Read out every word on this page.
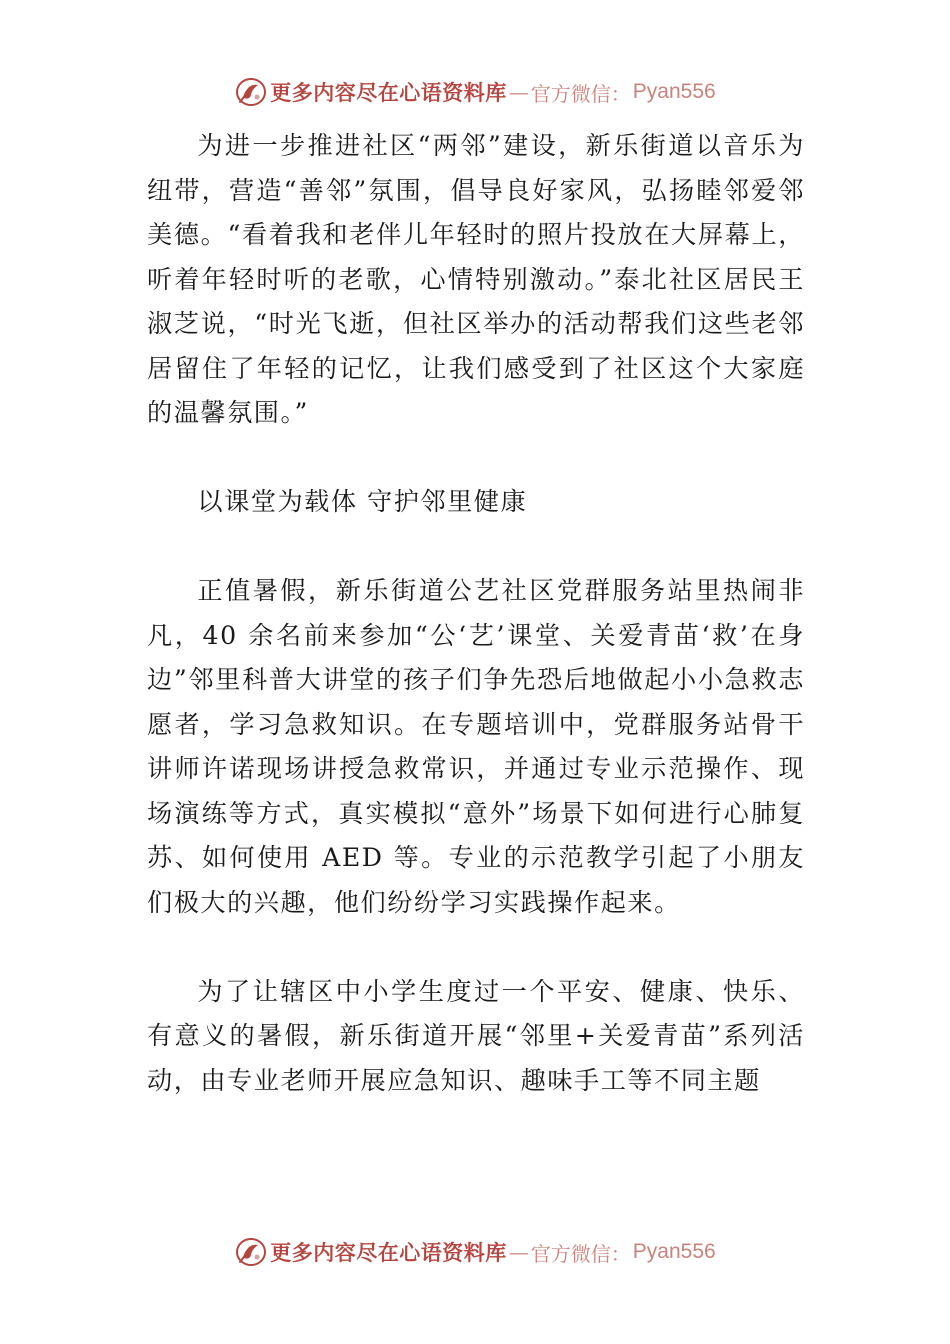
更多内容尽在心语资料库 — 官方微信： Pyan556

为进一步推进社区“两邻”建设，新乐街道以音乐为纽带，营造“善邻”氛围，倡导良好家风，弘扬睦邻爱邻美德。“看着我和老伴儿年轻时的照片投放在大屏幕上，听着年轻时听的老歌，心情特别激动。”泰北社区居民王淑芝说，“时光飞逝，但社区举办的活动帮我们这些老邻居留住了年轻的记忆，让我们感受到了社区这个大家庭的温馨氛围。”

以课堂为载体 守护邻里健康

正值暑假，新乐街道公艺社区党群服务站里热闹非凡，40 余名前来参加“公‘艺’课堂、关爱青苗‘救’在身边”邻里科普大讲堂的孩子们争先恐后地做起小小急救志愿者，学习急救知识。在专题培训中，党群服务站骨干讲师许诺现场讲授急救常识，并通过专业示范操作、现场演练等方式，真实模拟“意外”场景下如何进行心肺复苏、如何使用 AED 等。专业的示范教学引起了小朋友们极大的兴趣，他们纷纷学习实践操作起来。

为了让辖区中小学生度过一个平安、健康、快乐、有意义的暑假，新乐街道开展“邻里+关爱青苗”系列活动，由专业老师开展应急知识、趣味手工等不同主题

更多内容尽在心语资料库 — 官方微信： Pyan556
